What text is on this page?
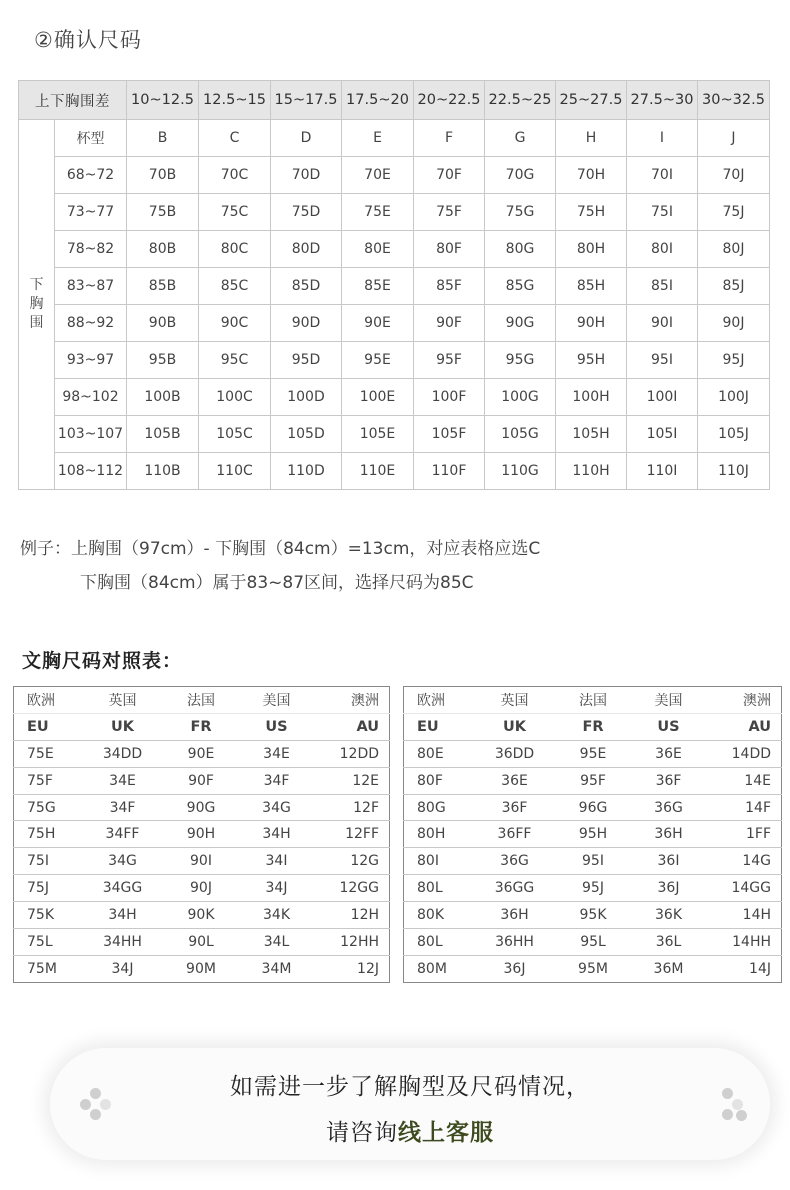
②确认尺码
上下胸围差		10~12.5	12.5~15	15~17.5	17.5~20	20~22.5	22.5~25	25~27.5	27.5~30	30~32.5
下
胸
围	杯型	B	C	D	E	F	G	H	I	J
	68~72	70B	70C	70D	70E	70F	70G	70H	70I	70J
	73~77	75B	75C	75D	75E	75F	75G	75H	75I	75J
	78~82	80B	80C	80D	80E	80F	80G	80H	80I	80J
	83~87	85B	85C	85D	85E	85F	85G	85H	85I	85J
	88~92	90B	90C	90D	90E	90F	90G	90H	90I	90J
	93~97	95B	95C	95D	95E	95F	95G	95H	95I	95J
	98~102	100B	100C	100D	100E	100F	100G	100H	100I	100J
	103~107	105B	105C	105D	105E	105F	105G	105H	105I	105J
	108~112	110B	110C	110D	110E	110F	110G	110H	110I	110J
例子：上胸围（97cm）- 下胸围（84cm）=13cm，对应表格应选C
下胸围（84cm）属于83~87区间，选择尺码为85C
文胸尺码对照表：
欧洲	英国	法国	美国	澳洲
EU	UK	FR	US	AU
75E	34DD	90E	34E	12DD
75F	34E	90F	34F	12E
75G	34F	90G	34G	12F
75H	34FF	90H	34H	12FF
75I	34G	90I	34I	12G
75J	34GG	90J	34J	12GG
75K	34H	90K	34K	12H
75L	34HH	90L	34L	12HH
75M	34J	90M	34M	12J
欧洲	英国	法国	美国	澳洲
EU	UK	FR	US	AU
80E	36DD	95E	36E	14DD
80F	36E	95F	36F	14E
80G	36F	96G	36G	14F
80H	36FF	95H	36H	1FF
80I	36G	95I	36I	14G
80L	36GG	95J	36J	14GG
80K	36H	95K	36K	14H
80L	36HH	95L	36L	14HH
80M	36J	95M	36M	14J
如需进一步了解胸型及尺码情况，
请咨询线上客服
